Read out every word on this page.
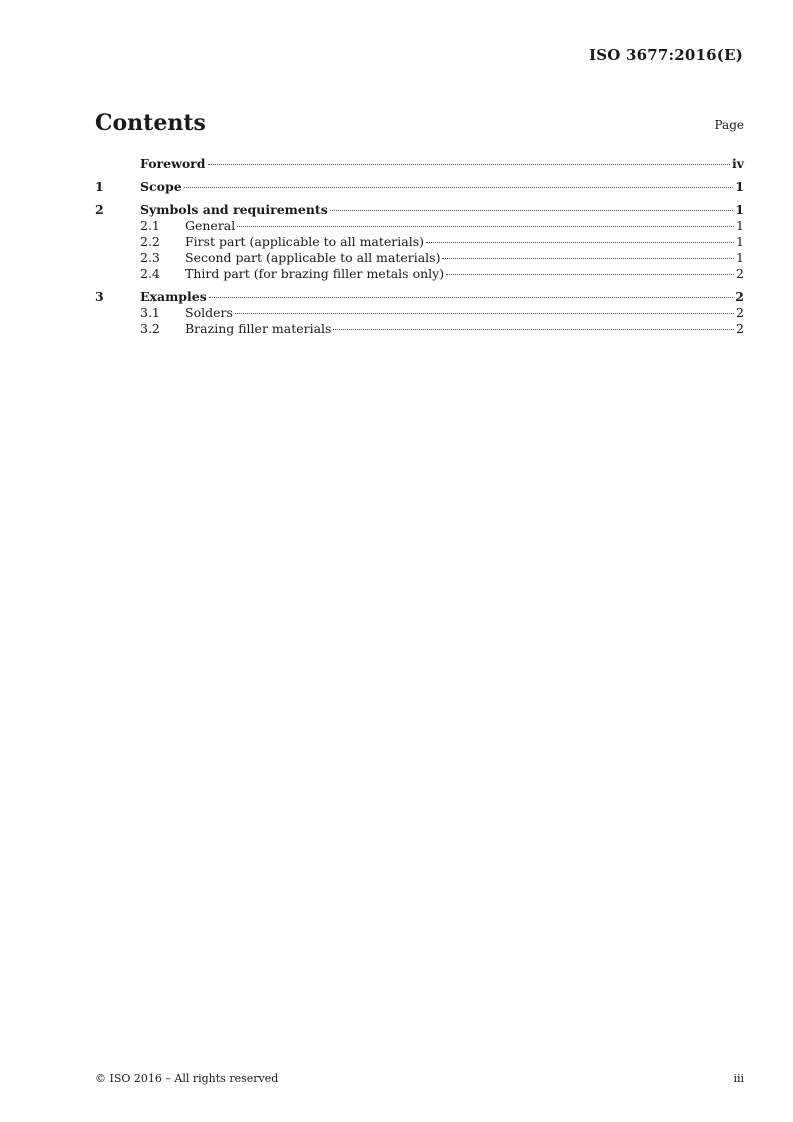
ISO 3677:2016(E)
Contents	Page
Foreword	iv
1	Scope	1
2	Symbols and requirements	1
2.1	General	1
2.2	First part (applicable to all materials)	1
2.3	Second part (applicable to all materials)	1
2.4	Third part (for brazing filler metals only)	2
3	Examples	2
3.1	Solders	2
3.2	Brazing filler materials	2
© ISO 2016 – All rights reserved	iii
